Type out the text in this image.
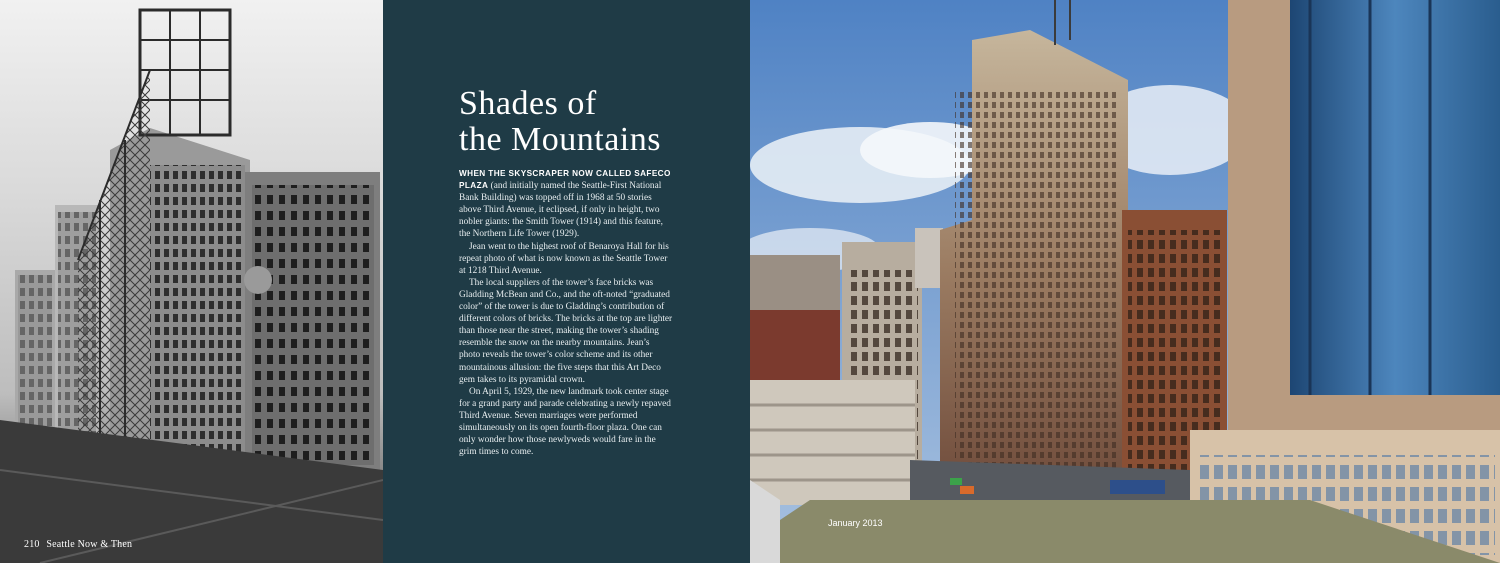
210 Seattle Now & Then
Shades of
the Mountains

WHEN THE SKYSCRAPER NOW CALLED SAFECO PLAZA (and initially named the Seattle-First National Bank Building) was topped off in 1968 at 50 stories above Third Avenue, it eclipsed, if only in height, two nobler giants: the Smith Tower (1914) and this feature, the Northern Life Tower (1929).

Jean went to the highest roof of Benaroya Hall for his repeat photo of what is now known as the Seattle Tower at 1218 Third Avenue.

The local suppliers of the tower’s face bricks was Gladding McBean and Co., and the oft-noted “graduated color” of the tower is due to Gladding’s contribution of different colors of bricks. The bricks at the top are lighter than those near the street, making the tower’s shading resemble the snow on the nearby mountains. Jean’s photo reveals the tower’s color scheme and its other mountainous allusion: the five steps that this Art Deco gem takes to its pyramidal crown.

On April 5, 1929, the new landmark took center stage for a grand party and parade celebrating a newly repaved Third Avenue. Seven marriages were performed simultaneously on its open fourth-floor plaza. One can only wonder how those newlyweds would fare in the grim times to come.

January 2013
